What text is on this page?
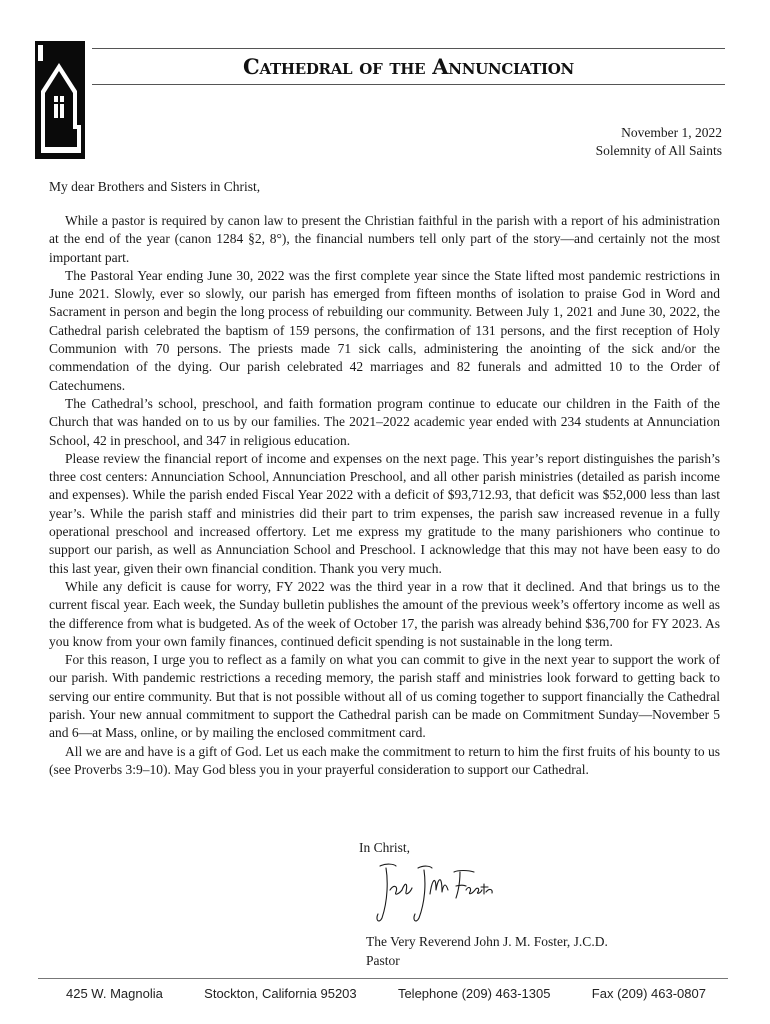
Cathedral of the Annunciation
November 1, 2022
Solemnity of All Saints
My dear Brothers and Sisters in Christ,

While a pastor is required by canon law to present the Christian faithful in the parish with a report of his administration at the end of the year (canon 1284 §2, 8°), the financial numbers tell only part of the story—and certainly not the most important part.

The Pastoral Year ending June 30, 2022 was the first complete year since the State lifted most pandemic restrictions in June 2021. Slowly, ever so slowly, our parish has emerged from fifteen months of isolation to praise God in Word and Sacrament in person and begin the long process of rebuilding our community. Between July 1, 2021 and June 30, 2022, the Cathedral parish celebrated the baptism of 159 persons, the confirmation of 131 persons, and the first reception of Holy Communion with 70 persons. The priests made 71 sick calls, administering the anointing of the sick and/or the commendation of the dying. Our parish celebrated 42 marriages and 82 funerals and admitted 10 to the Order of Catechumens.

The Cathedral’s school, preschool, and faith formation program continue to educate our children in the Faith of the Church that was handed on to us by our families. The 2021–2022 academic year ended with 234 students at Annunciation School, 42 in preschool, and 347 in religious education.

Please review the financial report of income and expenses on the next page. This year’s report distinguishes the parish’s three cost centers: Annunciation School, Annunciation Preschool, and all other parish ministries (detailed as parish income and expenses). While the parish ended Fiscal Year 2022 with a deficit of $93,712.93, that deficit was $52,000 less than last year’s. While the parish staff and ministries did their part to trim expenses, the parish saw increased revenue in a fully operational preschool and increased offertory. Let me express my gratitude to the many parishioners who continue to support our parish, as well as Annunciation School and Preschool. I acknowledge that this may not have been easy to do this last year, given their own financial condition. Thank you very much.

While any deficit is cause for worry, FY 2022 was the third year in a row that it declined. And that brings us to the current fiscal year. Each week, the Sunday bulletin publishes the amount of the previous week’s offertory income as well as the difference from what is budgeted. As of the week of October 17, the parish was already behind $36,700 for FY 2023. As you know from your own family finances, continued deficit spending is not sustainable in the long term.

For this reason, I urge you to reflect as a family on what you can commit to give in the next year to support the work of our parish. With pandemic restrictions a receding memory, the parish staff and ministries look forward to getting back to serving our entire community. But that is not possible without all of us coming together to support financially the Cathedral parish. Your new annual commitment to support the Cathedral parish can be made on Commitment Sunday—November 5 and 6—at Mass, online, or by mailing the enclosed commitment card.

All we are and have is a gift of God. Let us each make the commitment to return to him the first fruits of his bounty to us (see Proverbs 3:9–10). May God bless you in your prayerful consideration to support our Cathedral.

In Christ,
The Very Reverend John J. M. Foster, J.C.D.
Pastor
425 W. Magnolia	Stockton, California 95203	Telephone (209) 463-1305	Fax (209) 463-0807
